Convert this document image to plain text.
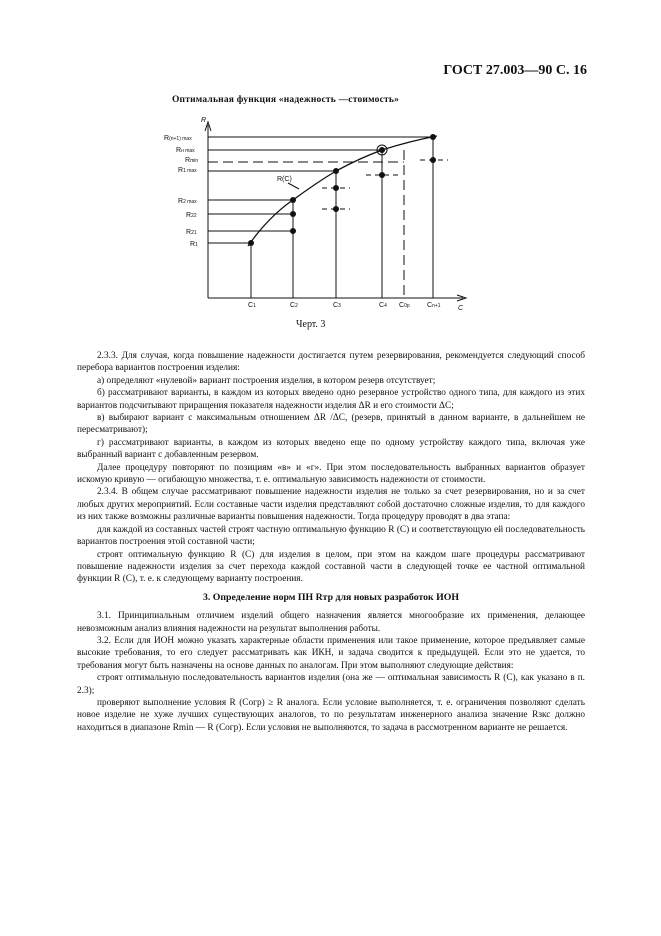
ГОСТ 27.003—90 С. 16
Оптимальная функция «надежность —стоимость»
R
C
R(n+1) max
Rн max
Rmin
R1 max
R2 max
R22
R21
R1
R(C)
C1	C2	C3	C4 C0p Cn+1
Черт. 3

2.3.3. Для случая, когда повышение надежности достигается путем резервирования, рекомендуется следующий способ перебора вариантов построения изделия:

а) определяют «нулевой» вариант построения изделия, в котором резерв отсутствует;

б) рассматривают варианты, в каждом из которых введено одно резервное устройство одного типа, для каждого из этих вариантов подсчитывают приращения показателя надежности изделия ΔR и его стоимости ΔC;

в) выбирают вариант с максимальным отношением ΔR /ΔC, (резерв, принятый в данном варианте, в дальнейшем не пересматривают);

г) рассматривают варианты, в каждом из которых введено еще по одному устройству каждого типа, включая уже выбранный вариант с добавленным резервом.

Далее процедуру повторяют по позициям «в» и «г». При этом последовательность выбранных вариантов образует искомую кривую — огибающую множества, т. е. оптимальную зависимость надежности от стоимости.

2.3.4. В общем случае рассматривают повышение надежности изделия не только за счет резервирования, но и за счет любых других мероприятий. Если составные части изделия представляют собой достаточно сложные изделия, то для каждого из них также возможны различные варианты повышения надежности. Тогда процедуру проводят в два этапа:

для каждой из составных частей строят частную оптимальную функцию R (C) и соответствующую ей последовательность вариантов построения этой составной части;

строят оптимальную функцию R (C) для изделия в целом, при этом на каждом шаге процедуры рассматривают повышение надежности изделия за счет перехода каждой составной части в следующей точке ее частной оптимальной функции R (C), т. е. к следующему варианту построения.

3. Определение норм ПН Rтр для новых разработок ИОН

3.1. Принципиальным отличием изделий общего назначения является многообразие их применения, делающее невозможным анализ влияния надежности на результат выполнения работы.

3.2. Если для ИОН можно указать характерные области применения или такое применение, которое предъявляет самые высокие требования, то его следует рассматривать как ИКН, и задача сводится к предыдущей. Если это не удается, то требования могут быть назначены на основе данных по аналогам. При этом выполняют следующие действия:

строят оптимальную последовательность вариантов изделия (она же — оптимальная зависимость R (C), как указано в п. 2.3);

проверяют выполнение условия R (Cогр) ≥ R аналога. Если условие выполняется, т. е. ограничения позволяют сделать новое изделие не хуже лучших существующих аналогов, то по результатам инженерного анализа значение Rзкс должно находиться в диапазоне Rmin — R (Cогр). Если условия не выполняются, то задача в рассмотренном варианте не решается.
